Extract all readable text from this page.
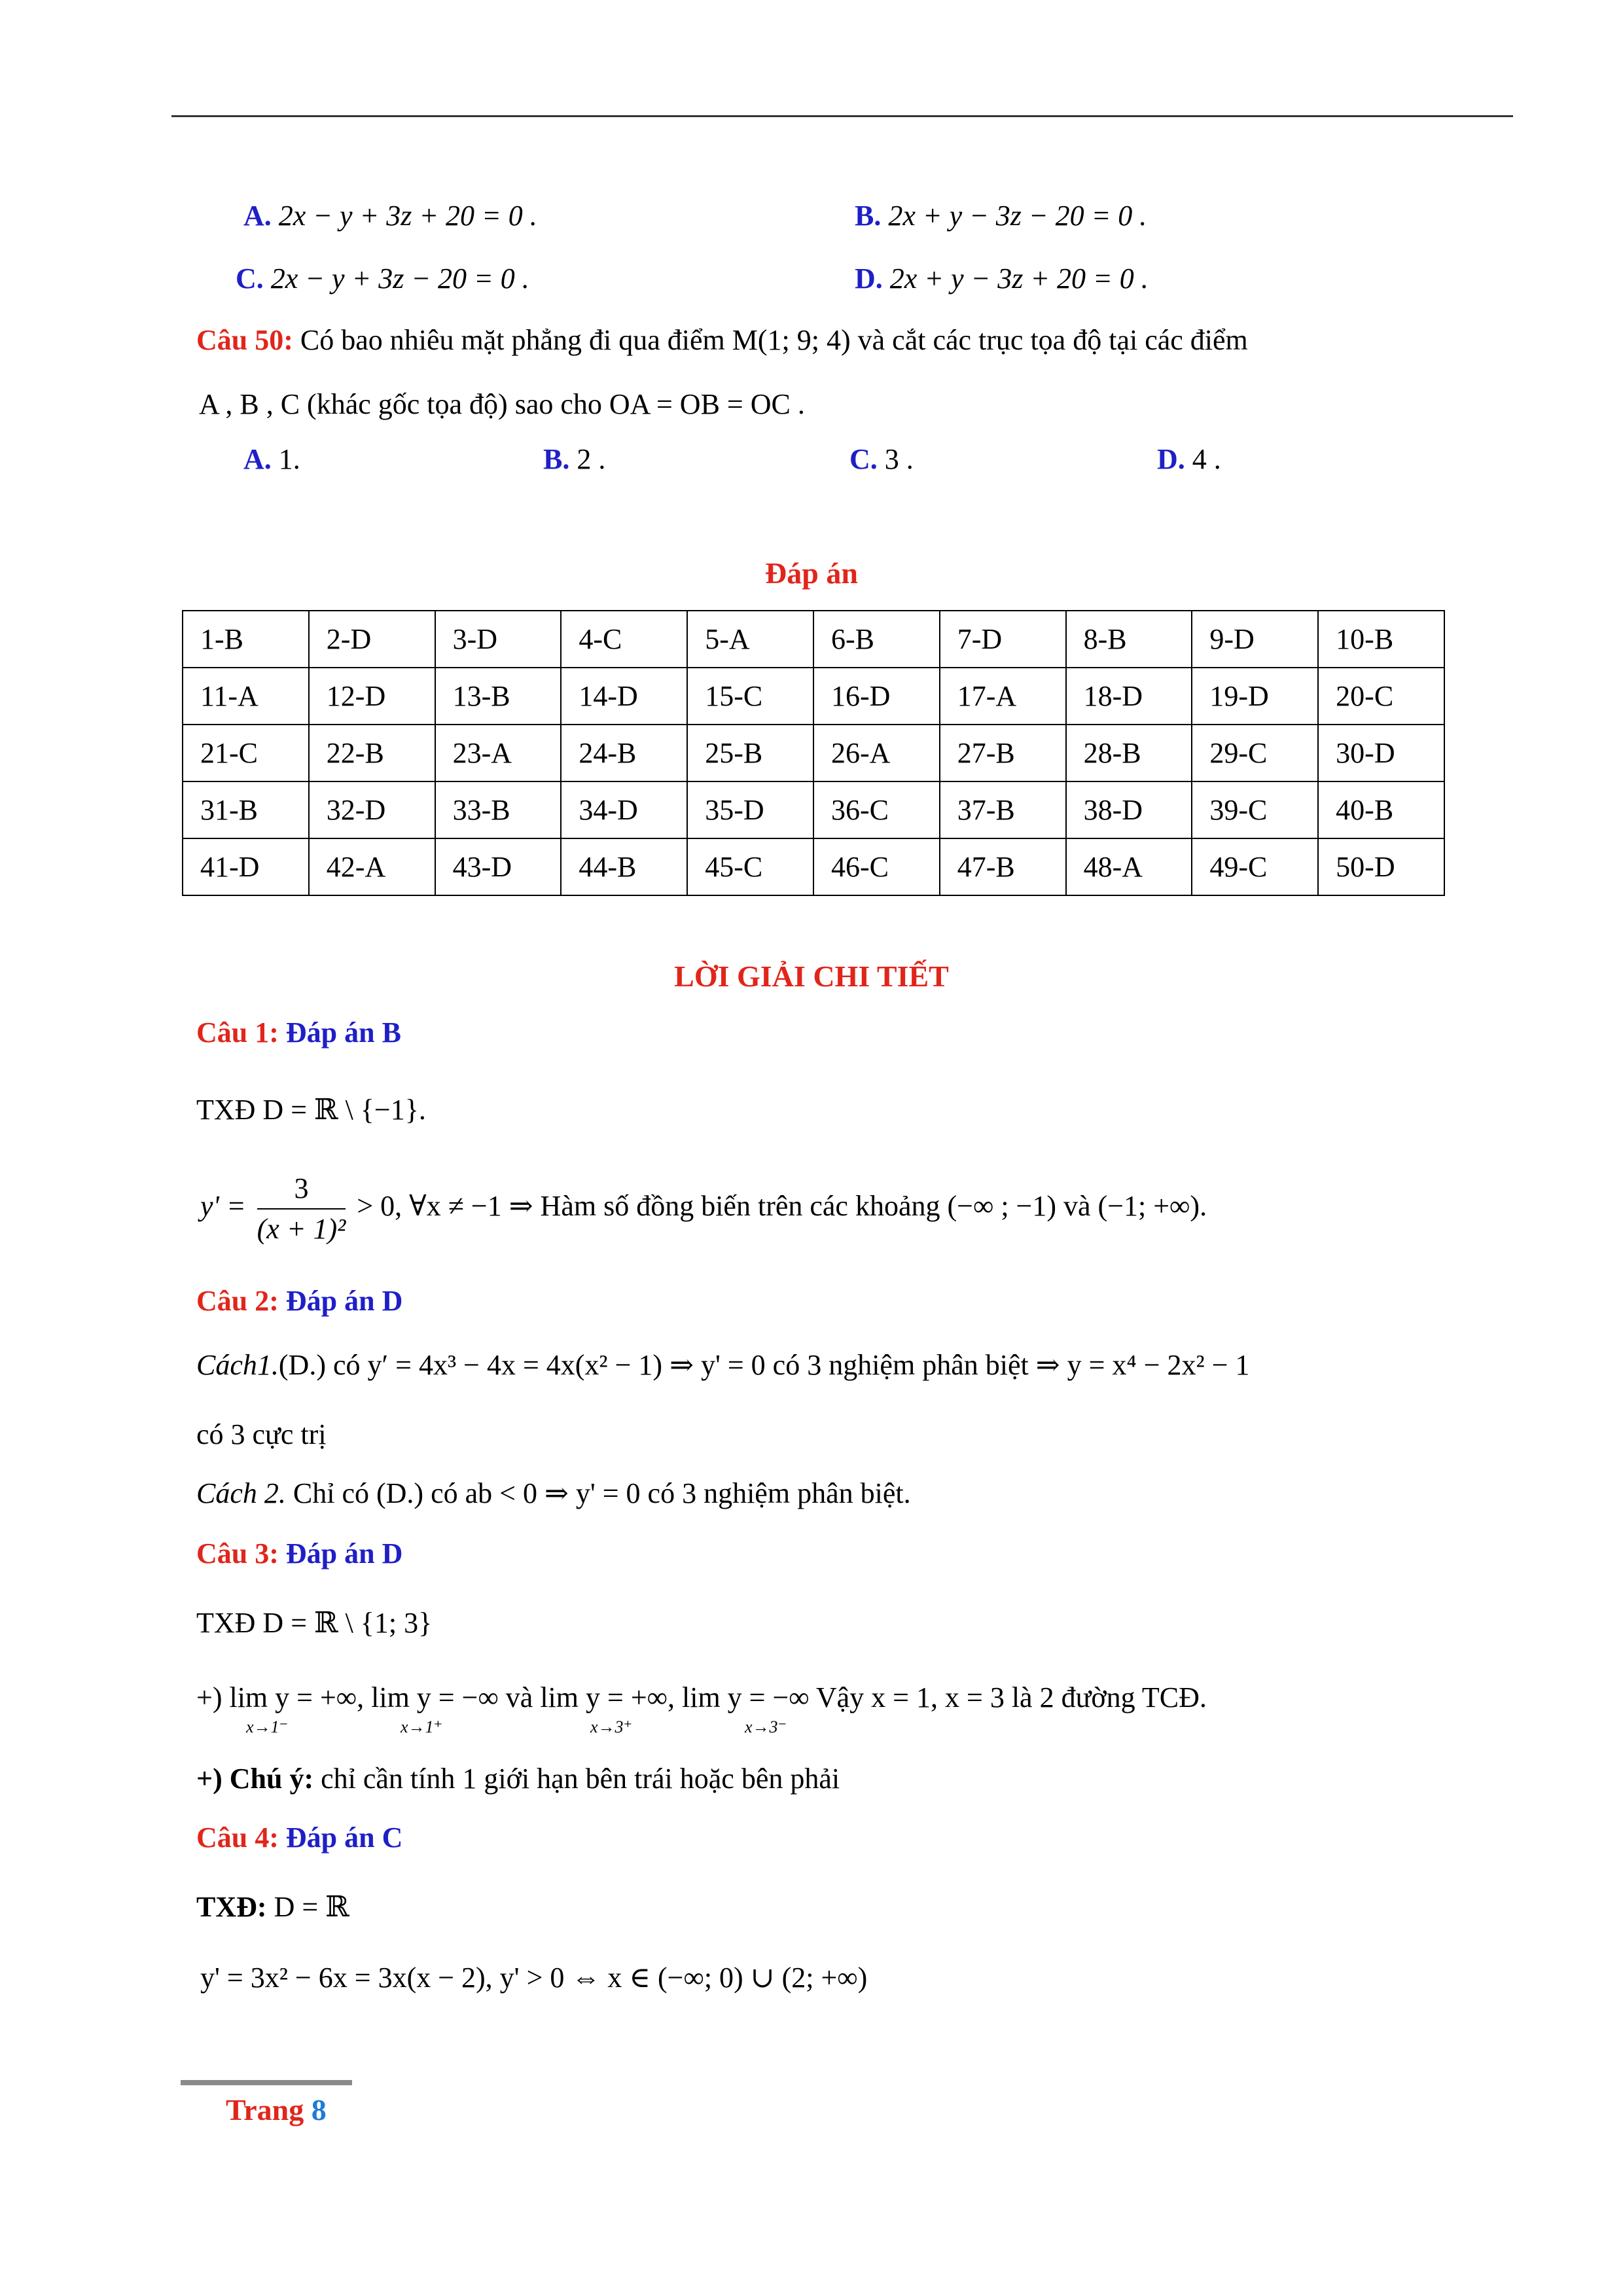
A. 2x − y + 3z + 20 = 0 .	B. 2x + y − 3z − 20 = 0 .
C. 2x − y + 3z − 20 = 0 .	D. 2x + y − 3z + 20 = 0 .
Câu 50: Có bao nhiêu mặt phẳng đi qua điểm M(1; 9; 4) và cắt các trục tọa độ tại các điểm
A , B , C (khác gốc tọa độ) sao cho OA = OB = OC .
A. 1.	B. 2 .	C. 3 .	D. 4 .
Đáp án
1-B	2-D	3-D	4-C	5-A	6-B	7-D	8-B	9-D	10-B
11-A	12-D	13-B	14-D	15-C	16-D	17-A	18-D	19-D	20-C
21-C	22-B	23-A	24-B	25-B	26-A	27-B	28-B	29-C	30-D
31-B	32-D	33-B	34-D	35-D	36-C	37-B	38-D	39-C	40-B
41-D	42-A	43-D	44-B	45-C	46-C	47-B	48-A	49-C	50-D
LỜI GIẢI CHI TIẾT
Câu 1: Đáp án B
TXĐ D = ℝ \ {−1}.
$y' = \frac{3}{\text{(x + 1)²}} > 0$, ∀x ≠ −1 ⇒ Hàm số đồng biến trên các khoảng (−∞ ; −1) và (−1; +∞).
Câu 2: Đáp án D
Cách1.(D.) có y′ = 4x³ − 4x = 4x(x² − 1) ⇒ y' = 0 có 3 nghiệm phân biệt ⇒ y = x⁴ − 2x² − 1
có 3 cực trị
Cách 2. Chỉ có (D.) có ab < 0 ⇒ y' = 0 có 3 nghiệm phân biệt.
Câu 3: Đáp án D
TXĐ D = ℝ \ {1; 3}
+) lim y = +∞, lim y = −∞ và lim y = +∞, lim y = −∞ Vậy x = 1, x = 3 là 2 đường TCĐ.
x→1⁻	x→1⁺	x→3⁺	x→3⁻
+) Chú ý: chỉ cần tính 1 giới hạn bên trái hoặc bên phải
Câu 4: Đáp án C
TXĐ: D = ℝ
y' = 3x² − 6x = 3x(x − 2), y' > 0 ⇔ x ∈ (−∞; 0) ∪ (2; +∞)
Trang 8
